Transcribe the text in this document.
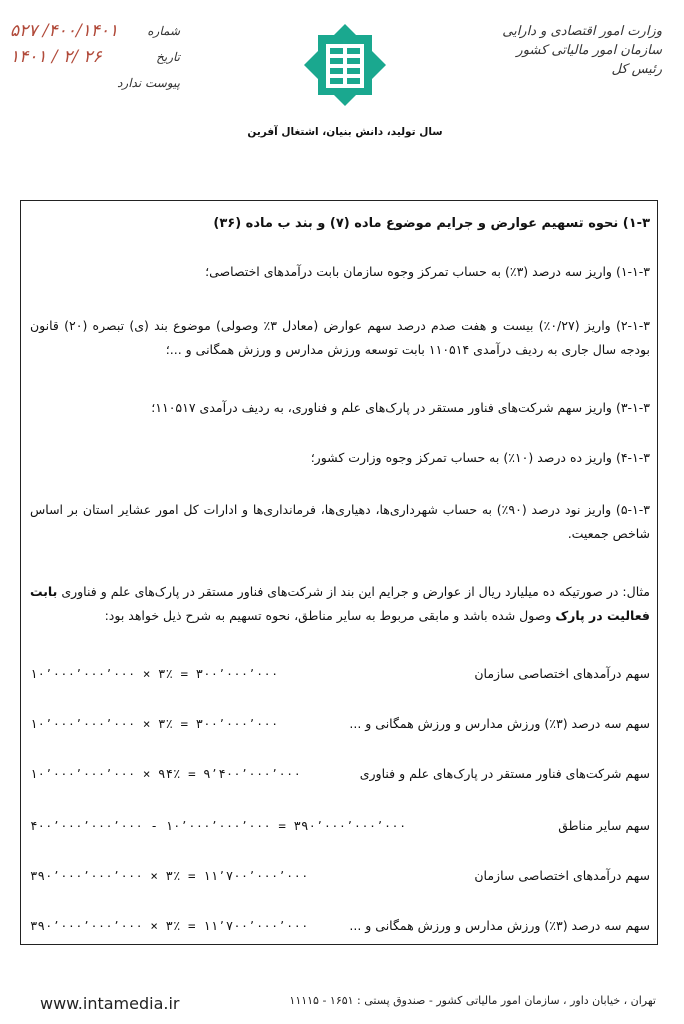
شماره
۴۰۰/۱۴۰۱/ ۵۲۷
تاریخ
۲۶ /۲ / ۱۴۰۱
پیوست ندارد
وزارت امور اقتصادی و دارایی
سازمان امور مالیاتی کشور
رئیس کل
سال تولید، دانش بنیان، اشتغال آفرین
۱-۳) نحوه تسهیم عوارض و جرایم موضوع ماده (۷) و بند ب ماده (۳۶)
۱-۱-۳) واریز سه درصد (۳٪) به حساب تمرکز وجوه سازمان بابت درآمدهای اختصاصی؛
۲-۱-۳) واریز (۰/۲۷٪) بیست و هفت صدم درصد سهم عوارض (معادل ۳٪ وصولی) موضوع بند (ی) تبصره (۲۰) قانون بودجه سال جاری به ردیف درآمدی ۱۱۰۵۱۴ بابت توسعه ورزش مدارس و ورزش همگانی و ...؛
۳-۱-۳) واریز سهم شرکت‌های فناور مستقر در پارک‌های علم و فناوری، به ردیف درآمدی ۱۱۰۵۱۷؛
۴-۱-۳) واریز ده درصد (۱۰٪) به حساب تمرکز وجوه وزارت کشور؛
۵-۱-۳) واریز نود درصد (۹۰٪) به حساب شهرداری‌ها، دهیاری‌ها، فرمانداری‌ها و ادارات کل امور عشایر استان بر اساس شاخص جمعیت.
مثال: در صورتیکه ده میلیارد ریال از عوارض و جرایم این بند از شرکت‌های فناور مستقر در پارک‌های علم و فناوری بابت فعالیت در پارک وصول شده باشد و مابقی مربوط به سایر مناطق، نحوه تسهیم به شرح ذیل خواهد بود:
سهم درآمدهای اختصاصی سازمان
۱۰٬۰۰۰٬۰۰۰٬۰۰۰ × ۳٪ = ۳۰۰٬۰۰۰٬۰۰۰
سهم سه درصد (۳٪) ورزش مدارس و ورزش همگانی و ...
۱۰٬۰۰۰٬۰۰۰٬۰۰۰ × ۳٪ = ۳۰۰٬۰۰۰٬۰۰۰
سهم شرکت‌های فناور مستقر در پارک‌های علم و فناوری
۱۰٬۰۰۰٬۰۰۰٬۰۰۰ × ۹۴٪ = ۹٬۴۰۰٬۰۰۰٬۰۰۰
سهم سایر مناطق
۴۰۰٬۰۰۰٬۰۰۰٬۰۰۰ - ۱۰٬۰۰۰٬۰۰۰٬۰۰۰ = ۳۹۰٬۰۰۰٬۰۰۰٬۰۰۰
سهم درآمدهای اختصاصی سازمان
۳۹۰٬۰۰۰٬۰۰۰٬۰۰۰ × ۳٪ = ۱۱٬۷۰۰٬۰۰۰٬۰۰۰
سهم سه درصد (۳٪) ورزش مدارس و ورزش همگانی و ...
۳۹۰٬۰۰۰٬۰۰۰٬۰۰۰ × ۳٪ = ۱۱٬۷۰۰٬۰۰۰٬۰۰۰
www.intamedia.ir	تهران ، خیابان داور ، سازمان امور مالیاتی کشور - صندوق پستی : ۱۶۵۱ - ۱۱۱۱۵
